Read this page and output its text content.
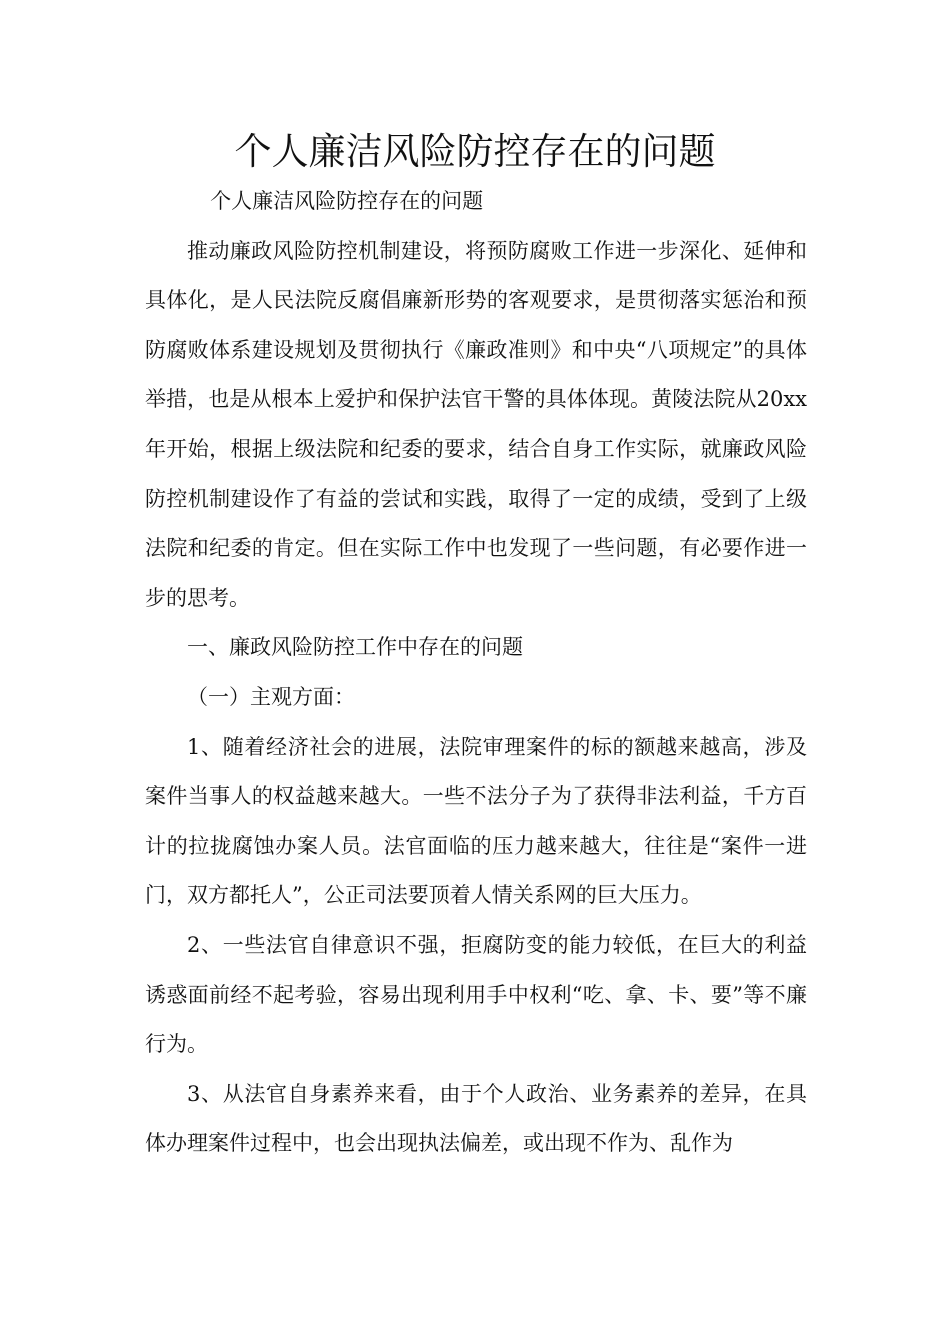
个人廉洁风险防控存在的问题

个人廉洁风险防控存在的问题

推动廉政风险防控机制建设，将预防腐败工作进一步深化、延伸和具体化，是人民法院反腐倡廉新形势的客观要求，是贯彻落实惩治和预防腐败体系建设规划及贯彻执行《廉政准则》和中央“八项规定”的具体举措，也是从根本上爱护和保护法官干警的具体体现。黄陵法院从20xx年开始，根据上级法院和纪委的要求，结合自身工作实际，就廉政风险防控机制建设作了有益的尝试和实践，取得了一定的成绩，受到了上级法院和纪委的肯定。但在实际工作中也发现了一些问题，有必要作进一步的思考。

一、廉政风险防控工作中存在的问题

（一）主观方面：

1、随着经济社会的进展，法院审理案件的标的额越来越高，涉及案件当事人的权益越来越大。一些不法分子为了获得非法利益，千方百计的拉拢腐蚀办案人员。法官面临的压力越来越大，往往是“案件一进门，双方都托人”，公正司法要顶着人情关系网的巨大压力。

2、一些法官自律意识不强，拒腐防变的能力较低，在巨大的利益诱惑面前经不起考验，容易出现利用手中权利“吃、拿、卡、要”等不廉行为。

3、从法官自身素养来看，由于个人政治、业务素养的差异，在具体办理案件过程中，也会出现执法偏差，或出现不作为、乱作为
